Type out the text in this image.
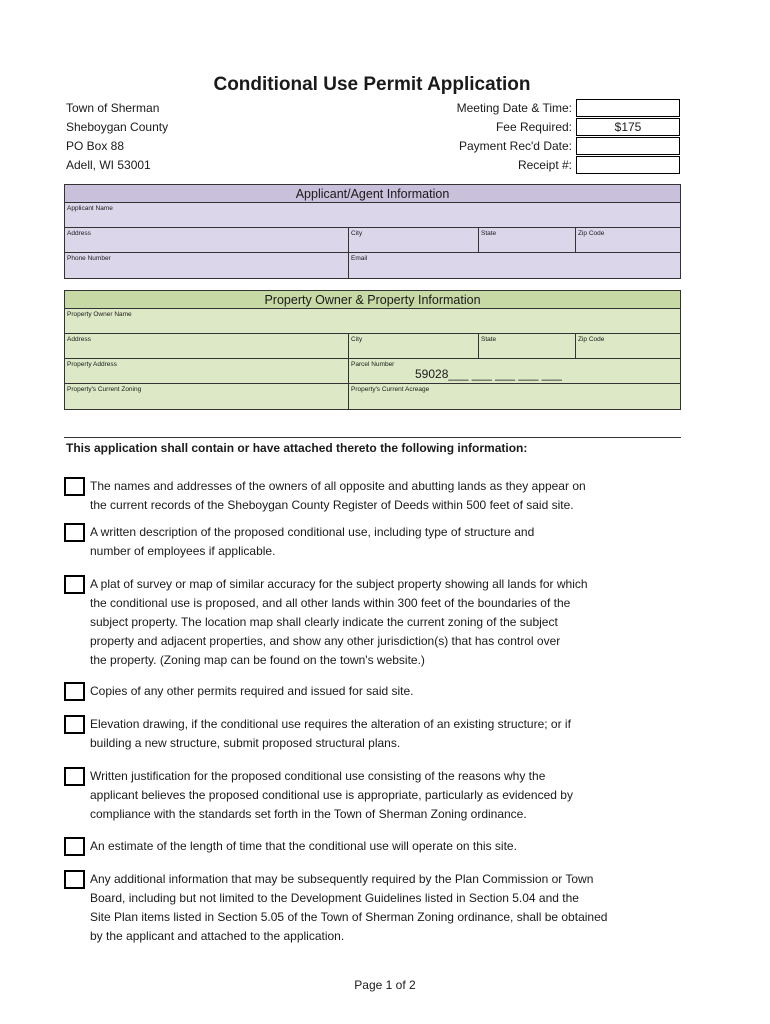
Conditional Use Permit Application
Town of Sherman
Sheboygan County
PO Box 88
Adell, WI 53001
Meeting Date & Time:
Fee Required:	$175
Payment Rec'd Date:
Receipt #:
Applicant/Agent Information
Applicant Name
Address	City	State	Zip Code
Phone Number	Email
Property Owner & Property Information
Property Owner Name
Address	City	State	Zip Code
Property Address	Parcel Number
59028___ ___ ___ ___ ___
Property's Current Zoning	Property's Current Acreage
This application shall contain or have attached thereto the following information:
The names and addresses of the owners of all opposite and abutting lands as they appear on
the current records of the Sheboygan County Register of Deeds within 500 feet of said site.
A written description of the proposed conditional use, including type of structure and
number of employees if applicable.
A plat of survey or map of similar accuracy for the subject property showing all lands for which
the conditional use is proposed, and all other lands within 300 feet of the boundaries of the
subject property. The location map shall clearly indicate the current zoning of the subject
property and adjacent properties, and show any other jurisdiction(s) that has control over
the property. (Zoning map can be found on the town's website.)
Copies of any other permits required and issued for said site.
Elevation drawing, if the conditional use requires the alteration of an existing structure; or if
building a new structure, submit proposed structural plans.
Written justification for the proposed conditional use consisting of the reasons why the
applicant believes the proposed conditional use is appropriate, particularly as evidenced by
compliance with the standards set forth in the Town of Sherman Zoning ordinance.
An estimate of the length of time that the conditional use will operate on this site.
Any additional information that may be subsequently required by the Plan Commission or Town
Board, including but not limited to the Development Guidelines listed in Section 5.04 and the
Site Plan items listed in Section 5.05 of the Town of Sherman Zoning ordinance, shall be obtained
by the applicant and attached to the application.
Page 1 of 2
